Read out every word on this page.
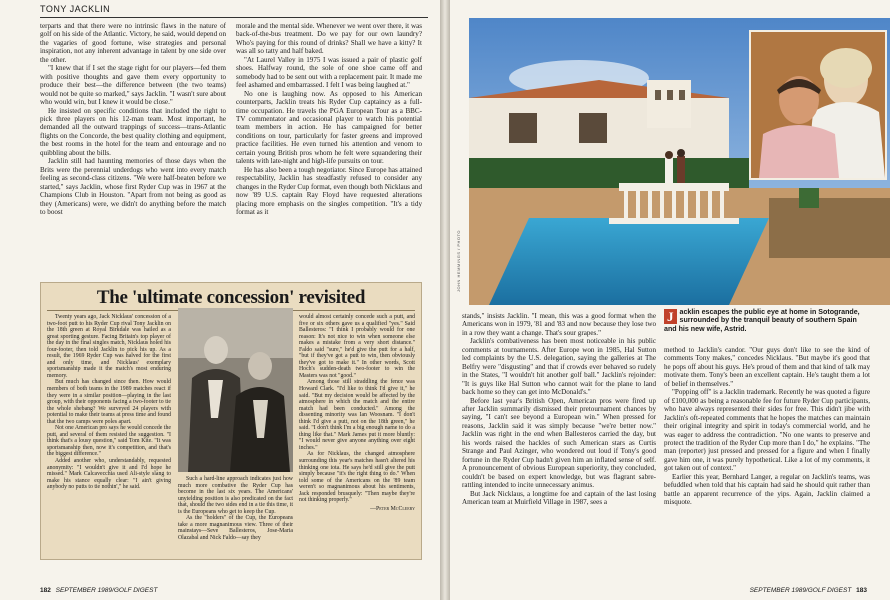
TONY JACKLIN

terparts and that there were no intrinsic flaws in the nature of golf on his side of the Atlantic. Victory, he said, would depend on the vagaries of good fortune, wise strategies and personal inspiration, not any inherent advantage in talent by one side over the other.

"I knew that if I set the stage right for our players—fed them with positive thoughts and gave them every opportunity to produce their best—the difference between (the two teams) would not be quite so marked," says Jacklin. "I wasn't sure about who would win, but I knew it would be close."

He insisted on specific conditions that included the right to pick three players on his 12-man team. Most important, he demanded all the outward trappings of success—trans-Atlantic flights on the Concorde, the best quality clothing and equipment, the best rooms in the hotel for the team and entourage and no quibbling about the bills.

Jacklin still had haunting memories of those days when the Brits were the perennial underdogs who went into every match feeling as second-class citizens. "We were half-beaten before we started," says Jacklin, whose first Ryder Cup was in 1967 at the Champions Club in Houston. "Apart from not being as good as they (Americans) were, we didn't do anything before the match to boost

morale and the mental side. Whenever we went over there, it was back-of-the-bus treatment. Do we pay for our own laundry? Who's paying for this round of drinks? Shall we have a kitty? It was all so tatty and half baked.

"At Laurel Valley in 1975 I was issued a pair of plastic golf shoes. Halfway round, the sole of one shoe came off and somebody had to be sent out with a replacement pair. It made me feel ashamed and embarrassed. I felt I was being laughed at."

No one is laughing now. As opposed to his American counterparts, Jacklin treats his Ryder Cup captaincy as a full-time occupation. He travels the PGA European Tour as a BBC-TV commentator and occasional player to watch his potential team members in action. He has campaigned for better conditions on tour, particularly for faster greens and improved practice facilities. He even turned his attention and venom to certain young British pros whom he felt were squandering their talents with late-night and high-life pursuits on tour.

He has also been a tough negotiator. Since Europe has attained respectability, Jacklin has steadfastly refused to consider any changes in the Ryder Cup format, even though both Nicklaus and now '89 U.S. captain Ray Floyd have requested alterations placing more emphasis on the singles competition. "It's a tidy format as it

The 'ultimate concession' revisited

Twenty years ago, Jack Nicklaus' concession of a two-foot putt to his Ryder Cup rival Tony Jacklin on the 18th green at Royal Birkdale was hailed as a great sporting gesture. Facing Britain's top player of the day in the final singles match, Nicklaus holed his four-footer, then told Jacklin to pick his up. As a result, the 1969 Ryder Cup was halved for the first and only time, and Nicklaus' exemplary sportsmanship made it the match's most enduring memory.

But much has changed since then. How would members of both teams in the 1989 matches react if they were in a similar position—playing in the last group, with their opponents facing a two-footer to tie the whole shebang? We surveyed 24 players with potential to make their teams at press time and found that the two camps were poles apart.

Not one American pro says he would concede the putt, and several of them resisted the suggestion. "I think that's a lousy question," said Tom Kite. "It was sportsmanship then, now it's competition, and that's the biggest difference."

Added another who, understandably, requested anonymity: "I wouldn't give it and I'd hope he missed." Mark Calcavecchia used Ali-style slang to make his stance equally clear: "I ain't giving anybody no putts to tie nothin'," he said.

Such a hard-line approach indicates just how much more combative the Ryder Cup has become in the last six years. The Americans' unyielding position is also predicated on the fact that, should the two sides end in a tie this time, it is the Europeans who get to keep the Cup.

As the "holders" of the Cup, the Europeans take a more magnanimous view. Three of their mainstays—Seve Ballesteros, Jose-Maria Olazabal and Nick Faldo—say they

would almost certainly concede such a putt, and five or six others gave us a qualified "yes." Said Ballesteros: "I think I probably would for one reason: It's not nice to win when someone else makes a mistake from a very short distance." Faldo said "sure," he'd give the putt for a half, "but if they've got a putt to win, then obviously they've got to make it." In other words, Scott Hoch's sudden-death two-footer to win the Masters was not "good."

Among those still straddling the fence was Howard Clark. "I'd like to think I'd give it," he said. "But my decision would be affected by the atmosphere in which the match and the entire match had been conducted." Among the dissenting minority was Ian Woosnam. "I don't think I'd give a putt, not on the 18th green," he said. "I don't think I'm a big enough name to do a thing like that." Mark James put it more bluntly: "I would never give anyone anything over eight inches."

As for Nicklaus, the changed atmosphere surrounding this year's matches hasn't altered his thinking one iota. He says he'd still give the putt simply because "it's the right thing to do." When told some of the Americans on the '89 team weren't so magnanimous about his sentiments, Jack responded brusquely: "Then maybe they're not thinking properly."

—Peter McCleery
182 SEPTEMBER 1989/GOLF DIGEST
JOHN HEMMINGS / PHOTO
J acklin escapes the public eye at home in Sotogrande, surrounded by the tranquil beauty of southern Spain and his new wife, Astrid.

stands," insists Jacklin. "I mean, this was a good format when the Americans won in 1979, '81 and '83 and now because they lose two in a row they want a change. That's sour grapes."

Jacklin's combativeness has been most noticeable in his public comments at tournaments. After Europe won in 1985, Hal Sutton led complaints by the U.S. delegation, saying the galleries at The Belfry were "disgusting" and that if crowds ever behaved so rudely in the States, "I wouldn't hit another golf ball." Jacklin's rejoinder: "It is guys like Hal Sutton who cannot wait for the plane to land back home so they can get into McDonald's."

Before last year's British Open, American pros were fired up after Jacklin summarily dismissed their pretournament chances by saying, "I can't see beyond a European win." When pressed for reasons, Jacklin said it was simply because "we're better now." Jacklin was right in the end when Ballesteros carried the day, but his words raised the hackles of such American stars as Curtis Strange and Paul Azinger, who wondered out loud if Tony's good fortune in the Ryder Cup hadn't given him an inflated sense of self. A pronouncement of obvious European superiority, they concluded, couldn't be based on expert knowledge, but was flagrant sabre-rattling intended to incite unnecessary animus.

But Jack Nicklaus, a longtime foe and captain of the last losing American team at Muirfield Village in 1987, sees a

method to Jacklin's candor. "Our guys don't like to see the kind of comments Tony makes," concedes Nicklaus. "But maybe it's good that he pops off about his guys. He's proud of them and that kind of talk may motivate them. Tony's been an excellent captain. He's taught them a lot of belief in themselves."

"Popping off" is a Jacklin trademark. Recently he was quoted a figure of £100,000 as being a reasonable fee for future Ryder Cup participants, who have always represented their sides for free. This didn't jibe with Jacklin's oft-repeated comments that he hopes the matches can maintain their original integrity and spirit in today's commercial world, and he was eager to address the contradiction. "No one wants to preserve and protect the tradition of the Ryder Cup more than I do," he explains. "The man (reporter) just pressed and pressed for a figure and when I finally gave him one, it was purely hypothetical. Like a lot of my comments, it got taken out of context."

Earlier this year, Bernhard Langer, a regular on Jacklin's teams, was befuddled when told that his captain had said he should quit rather than battle an apparent recurrence of the yips. Again, Jacklin claimed a misquote.

SEPTEMBER 1989/GOLF DIGEST 183
